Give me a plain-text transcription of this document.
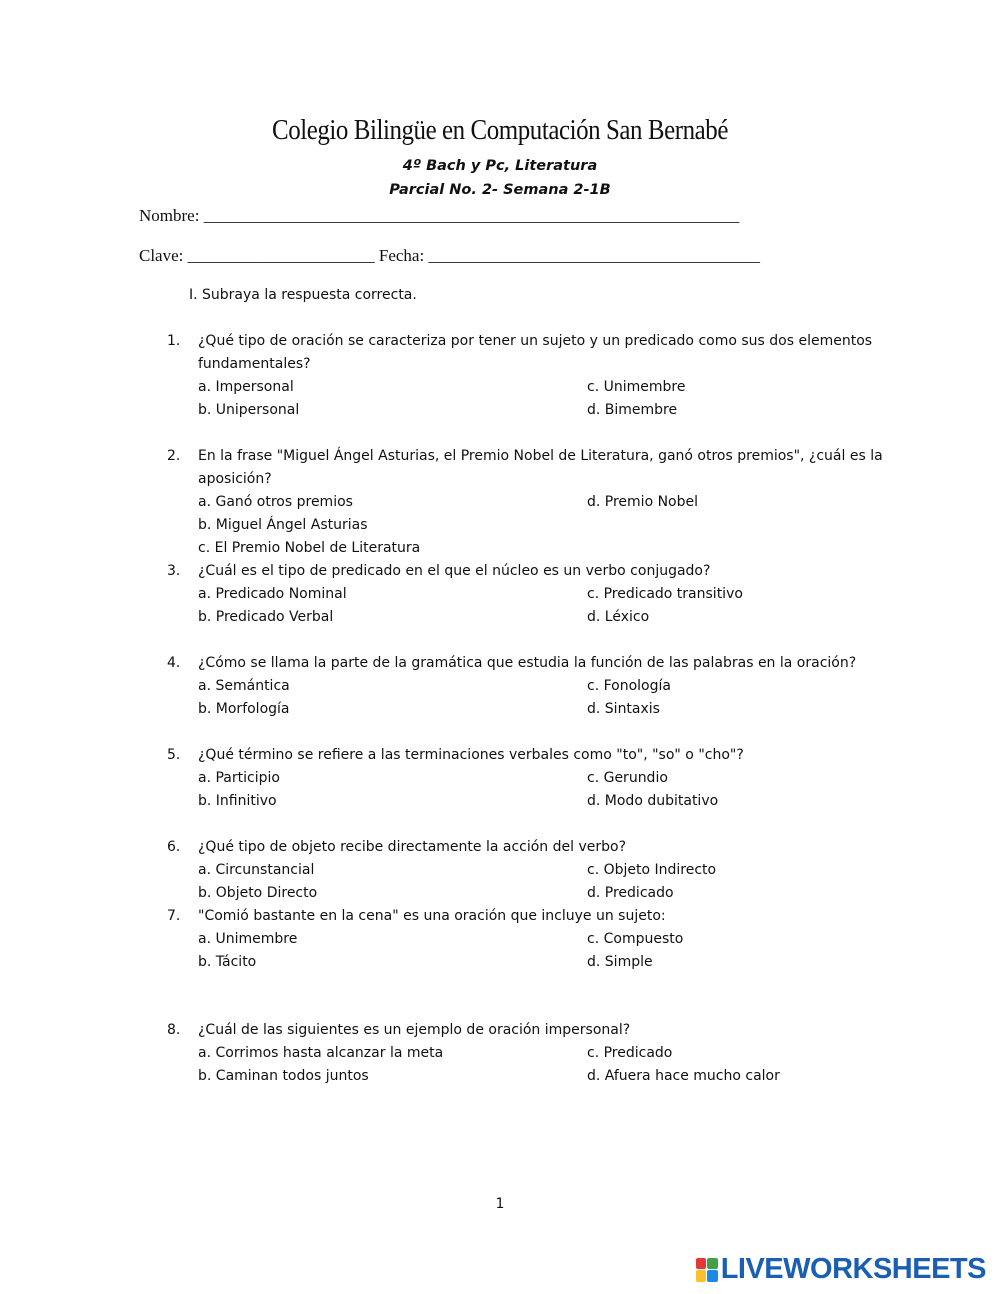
Colegio Bilingüe en Computación San Bernabé
4º Bach y Pc, Literatura
Parcial No. 2- Semana 2-1B
Nombre: _______________________________________________________________
Clave: ______________________ Fecha: _______________________________________
I. Subraya la respuesta correcta.
1. ¿Qué tipo de oración se caracteriza por tener un sujeto y un predicado como sus dos elementos
fundamentales?
a. Impersonal	c. Unimembre
b. Unipersonal	d. Bimembre
2. En la frase "Miguel Ángel Asturias, el Premio Nobel de Literatura, ganó otros premios", ¿cuál es la
aposición?
a. Ganó otros premios	d. Premio Nobel
b. Miguel Ángel Asturias
c. El Premio Nobel de Literatura
3. ¿Cuál es el tipo de predicado en el que el núcleo es un verbo conjugado?
a. Predicado Nominal	c. Predicado transitivo
b. Predicado Verbal	d. Léxico
4. ¿Cómo se llama la parte de la gramática que estudia la función de las palabras en la oración?
a. Semántica	c. Fonología
b. Morfología	d. Sintaxis
5. ¿Qué término se refiere a las terminaciones verbales como "to", "so" o "cho"?
a. Participio	c. Gerundio
b. Infinitivo	d. Modo dubitativo
6. ¿Qué tipo de objeto recibe directamente la acción del verbo?
a. Circunstancial	c. Objeto Indirecto
b. Objeto Directo	d. Predicado
7. "Comió bastante en la cena" es una oración que incluye un sujeto:
a. Unimembre	c. Compuesto
b. Tácito	d. Simple
8. ¿Cuál de las siguientes es un ejemplo de oración impersonal?
a. Corrimos hasta alcanzar la meta	c. Predicado
b. Caminan todos juntos	d. Afuera hace mucho calor
1
LIVEWORKSHEETS
